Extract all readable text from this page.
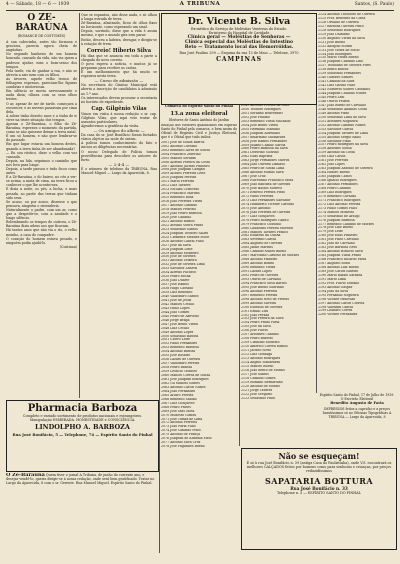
4 — Sábado, 18 — 6 — 1939	A TRIBUNA	Santos, (S. Paulo)
O ZÉ-BARAÚNA
(ROMANCE DE COSTUMES)

A sua cabecinha, antes tão formosa e graciosa, parecia agora cheia de angústias.

No segundo banheiro de um homem honrado, cansado da vida, não via quem a pudesse ajudar, nem o bom-senso dos tempos.

Pela tarde, via de ganhar a rua, e não se atrevia a sair nem com os filhos.

As árvores, aquele velho tronco de folhagens espessas, pareciam-lhe figuras sombrias e misteriosas.

Em silêncio se movia nervosamente e nada dizia; olhava com os seus olhos tristes.

O ar, apesar de ser de tarde, começava a escurecer, e as nuvens passavam por cima dela.

A adora tinha dezoito anos e a tinha de ir viver na triste situação dos tempos.

Apenas o Zé-Baraúna, o filho do Zé-Baraúna, esperava o momento da partida, como se não quisesse deixar a terra natal.

É um só homem, e não quer lembrar-se do passado.

Em que lugar estaria um homem destes, quando a terra tinha de ser abandonada?

— Eu sou rústico, disse o velho com voz cansada.

Depois, na lida, seguimos o caminho que nos leva para longe.

Depois, a tarde passou e tudo ficou como antes.

E a Zé-Baraúna, o do bairro, no céu a ver-se acima, a mata de cima, na terra ficou a conhecer o que lhe acontecera.

E dizia a noite, os pés, a bicha, e mais pesada, ao partir das terras que tinham sido seus.

Se acaso, ou por acaso, dissesse o que pensava, ninguém o entenderia.

Naturalmente o padre, com um ar, como que a despedir-se, com a saudade e o longo silêncio.

Relembrando os tempos de outrora, o Zé-Baraúna dizia adeus aos que ficavam.

Há tantos anos que não via o rio, o velho moinho, a casa do compadre.

O coração do homem estava pesado, e ninguém podia ajudá-lo.

(Continua)

Que se espantou, não disse nada, e só olhou a longa estrada de terra.

Zé-Baraúna, afastando, ficou de olhos fixos no horizonte, como esperando um sinal.

Depois, sorrindo, disse que a vida é assim mesmo, e que o mundo gira sem parar.

Então, desceu a ladeira, devagar, e dirigiu-se à estação de trem.

Correio! Hiberto Silva

Há dias que se anuncia em toda a parte a chegada do novo correio.

O povo espera a notícia, e muitos já se preparam para receber as cartas.

É um melhoramento que há muito se esperava nesta terra.

— Curso de admissão —

Na secretaria do Ginásio Municipal está aberta a inscrição de candidatos à admissão ao 1.º ano.

Os interessados devem procurar a secretaria no horário de expediente.

Cap. Gilgênio Vilas

Vimos em visita à nossa redação o sr. cap. Gilgênio Vilas, que aqui veio tratar de assuntos particulares.

Agradecemos a gentileza da visita.

— Os amigos do alheio —

Da casa do sr. José Bonifácio foram furtados vários objetos na noite de ontem.

A polícia tomou conhecimento do fato e iniciou as diligências necessárias.

O nosso Delegado de Polícia tomou providências para descobrir os autores do furto.

— 2-4-4 —

É o número de telefone da TRIBUNA. Rua Manoel Miguel — Largo da Aparecida, 8.

Dr. Vicente B. Silva
Ex-médico do Serviço de Moléstias Venéreas do Estado.
Ex-interno do Hospital de Caridade
Clínica geral — Moléstias de Senhoras —
Clínica especial das Moléstias do Intestino
Reto — Tratamento local das Hemorróidas.
Rua José Paulino 299 — Esquina da rua 13 de Maio — Telefone, 3970
CAMPINAS
Comarca do Espírito Santo do Pinhal
13.a zona eleitoral
Eleitores de Santo Antônio do Jardim
Relação dos eleitores qualificados em Espírito Santo do Pinhal pela comarca, e bem assim do Oficial de Registro Civil e Justiça Eleitoral, que é o Oficial que tudo indica.
2001 José de Souza Barros
2002 Antônio Caetano
2003 Benedito Alves de Souza
2004 Francisco Zeferino
2005 Manoel Serafim
2006 Alfredo Pereira da Costa
2007 Antônio Jacinto Pinheiro
2008 José Joaquim Campos
2009 Alcides Ferreira Leite
2010 Joaquim Pereira
2011 Mário Ferreira
2012 Luiz Tavares
2013 Nicolau Cristóvão
2014 Francisco Martins
2015 Benedito Rosa
2016 João Ferreira Vieira
2017 Antônio Cândido
2018 Manoel Pedroso
2019 João Pedro Barbosa
2020 José Candido
2021 Antônio Ramos
2022 Avelino Vieira Prado
2023 Sebastião Santos
2024 Joaquim Teodoro Salles
2025 Clemente Mendes Mocê
2026 Antônio Cabral Filho
2027 José da Silva
2028 Joaquim Leite
2029 Antônio Monteiro
2030 José de Oliveira
2031 Antônio Teixeira
2032 José de Oliveira Lima
2033 Salvador Zanetti
2034 Alfredo Pacheco
2035 Pedro Rocha
2036 João Duarte
2037 José Ramos
2038 Hugo Caetano
2039 Luiz Benedito
2040 Valdomiro Santos
2041 José de Jesus
2042 Manoel Cecílio
2043 Paulo Lopes
2044 João Gomes
2045 Pedro de Azevedo
2046 Jorge Braga
2047 José Bento Vieira
2048 Luiz Cecílio
2049 Antônio Lopes
2050 Sebastião Batista
2051 Cícero Leite
2052 Paulo Fernandes
2053 Benedito Barbosa
2054 Antônio Batista
2055 José Rosário
2056 Lázaro de Oliveira
2057 Valdomiro Pereira
2058 Pedro Batista
2059 Leôncio Teodoro
2060 Manoel Corrêa de Souza
2061 José Joaquim Rodrigues
2062 Gil Manoel Gomes
2063 Antônio Carlos Nunes
2064 João Fernandes
2065 Alvaro Pereira
2066 Benedito Sabino
2067 Luiz Gonçalves
2068 Pedro Prates
2069 José Dias Mota
2070 Modesto Gomes
2071 José Tomaz de Lima
2072 Antônio Ferreira
2073 João Faria Filho
2074 José Cândido Pinto
2075 Antônio de França
2076 Joaquim de Almeida Melo
2077 Antônio Silva Cruz
2078 José Fagundes Bueno
2049 Antônio Pereira da Silva
2050 Teodoro Rodrigues
2051 Serafino Bonventuri
2052 José Paulino
2053 Benedito Vilela Machado
2054 José Bento Vieira
2055 Hermínio Mariano
2056 Joaquim Aureliano
2057 Belarmino Guimarães
2058 José Ramos Fernandes
2059 Juliano Camilo Garcia
2060 Pedro Barbosa da Silva
2061 Dovorino Gozzino
2062 Elias Baptista
2063 Jorge Fernandes Guerra
2064 João Oliveira Damaso
2065 Pedro de Souza Lima
2066 Antônio Matias Silva
2067 José Cruz
2068 Florentino Francisco Mota
2069 João Bautista de Oliveira
2070 José Bastos Moretti
2071 Ernesto Pereira Pinto
2072 Paulo Ferreira
2073 Luiz Fernandes Salvador
2074 Humberto Vicente Cardoso
2075 José Antônio
2076 João Ferreira de Oliveira
2077 Luiz Gonçalves
2078 Pedro Rodrigues Gaioto
2079 Francisco Custódio
2080 Laudelino Pereira Moreira
2081 Manoel Tavares Franco
2082 Eduardo da Cunha
2083 Severino Garcia
2084 Augusto de Oliveira
2085 Jaime Martins
2086 Cândido Nunes Bueno
2087 Marcolino Cardoso de Moraes
2088 Antônio Pinheiro
2089 Antônio Bonito
2090 Benedito Vieira
2091 Lázaro Lopes
2092 Pedro de Oliveira
2093 Otávio de Carvalho
2094 Francisco Silva Barros
2095 José Bueno Sobrinho
2096 Antônio Ferreira
2097 Benedito Pereira
2098 Antônio Neto de Freitas
2099 Antônio Silveira
2100 Eufrásio de Oliveira
2101 Emílio Lira
2102 João Peraza
2103 José Pereira da Silva
2104 Pedro Prado Faria
2105 José da Silva
2106 José Flávio
2107 Aristides Cândido
2108 Pedro Buzetto
2109 Claudino Modesto
2110 Américo Corrêa Ramos
2111 Jacinto Sotto
2112 Luiz Gonzaga
2113 Antônio Rodrigues
2114 Angelo Madarazzo
2115 Manoel Bueno
2116 João Bento de Morais
2117 José Santos
2118 Cândido Gomes
2119 Romano Bernardino
2120 Antônio de Morais
2121 Jorge Tavares
2122 José Gregório
2123 Sebastião Pinto
2124 Antônio Theodoro de Oliveira
2125 Prof. Benedito da Costa
2126 Osvaldo de Oliveira
2127 Barbosa Oliveira Pinto
2128 Sebastião Rodrigues
2129 João Dalbiano
2130 Augusto Vieira da Silva
2131 José Bueno
2132 Adolpho Morini
2133 José Vieira de Mello
2134 João Rodrigues
2135 Mário Vieira Bueno
2136 Joaquim Cândido Lino
2137 Teodolino de Oliveira Pires
2138 Bento Bastos
2139 Sebastião Fernandes
2140 Gustavo Simões
2141 Cândido da Silva
2142 Luiz Galvão Filho
2143 Norberto Soares Castanho
2144 Joaquim Cândido Nunes
2145 Pedro Leal
2146 Osório Feltrin
2147 João Bueno de Carvalho
2148 Sebastião Ananias Costa
2149 Antônio Pinto
2150 Sebastião Lima da Silva
2151 Aristides Nogueira
2152 Antônio Cândido Nunes
2153 Salvador Garcia
2154 Joaquim Tavares de Lima
2155 Antônio Sérgio Baldi
2156 Salvador Pinto
2157 Pedro Rodrigues da Silva
2158 Anselmo Sousa
2159 Antônio da Costa
2160 Luiz Carlos
2161 José Ferreira
2162 João Lopes
2163 Joaquim Antônio de Oliveira
2164 Isidoro Bueno
2165 Joaquim Carlos
2166 Ignácio Rodrigues
2167 Antônio Fernandes
2168 Pedro Cândido
2169 Luiz Rodrigues
2170 Benedito Cavalini
2171 Francisco Rodrigues
2172 Luiz Antônio Pereira
2173 Paulo Gomes Filho
2174 Manoel Modesto
2175 Sebastião de Araújo
2176 Joaquim Barbosa
2177 Benedito Cândido de Moraes
2178 José Luiz Bueno
2179 José Leite
2180 José Elias Pinheiro
2181 José Pinto Carvalho
2182 João de Carvalho
2183 José Barbosa Neto
2184 Antônio Honório Silva
2185 Joaquim Vilela Prado
2186 Francisco Ricardo Paiva
2187 Augusto Rossi
2188 Antônio Luiz Bueno
2189 José Carlos Ribeiro
2190 Mário Rafael Sarzana
2191 Mário Lima
2192 Prof. Flávio Soriano
2193 Antônio Gaspar
2194 João da Silva
2195 Fernando Nogueira
2196 Vicente Padovani
2197 Antônio Carlos Correia
2198 Valentim Garcia
2199 Leandro Cortês
2200 Vicente Fernandes
Espírito Santo do Pinhal, 17 de Julho de 1939.
O Escrivão Eleitoral
Benedito Augusto de Faria
IMPRESSOS feitos a capricho e a preços baratíssimos só no Oficinas Tipográficas A TRIBUNA — Largo da Aparecida, 8
Pharmacia Barboza
Completo e variado sortimento de produtos nacionais e estrangeiros.
Manipulação ESMERADA. HONESTIDADE e CONSCIÊNCIA.
LINDOLPHO A. BARBOZA
Rua José Bonifácio, 5 — Telephone, 74 — Espírito Santo do Pinhal
O Zé-Baraúna Quem tiver o jornal A Tribuna, de junho do corrente ano, e desejar vendê-lo, queira dirigir-se à nossa redação, onde será bem gratificado. Tratar no Largo da Aparecida, 8 com o sr. Gerente. Rua Manoel Miguel. Espírito Santo do Pinhal.
Não se esqueçam!
É só à rua José Bonifácio n. 39 (antiga Casa do Paulistinha), onde V.S. encontrará os melhores CALÇADOS feitos por homens como para senhoras e crianças, por preços reduzidíssimos
SAPATARIA BOTTURA
Rua José Bonifácio n. 33
Telephone n. 5 — ESPÍRITO SANTO DO PINHAL
